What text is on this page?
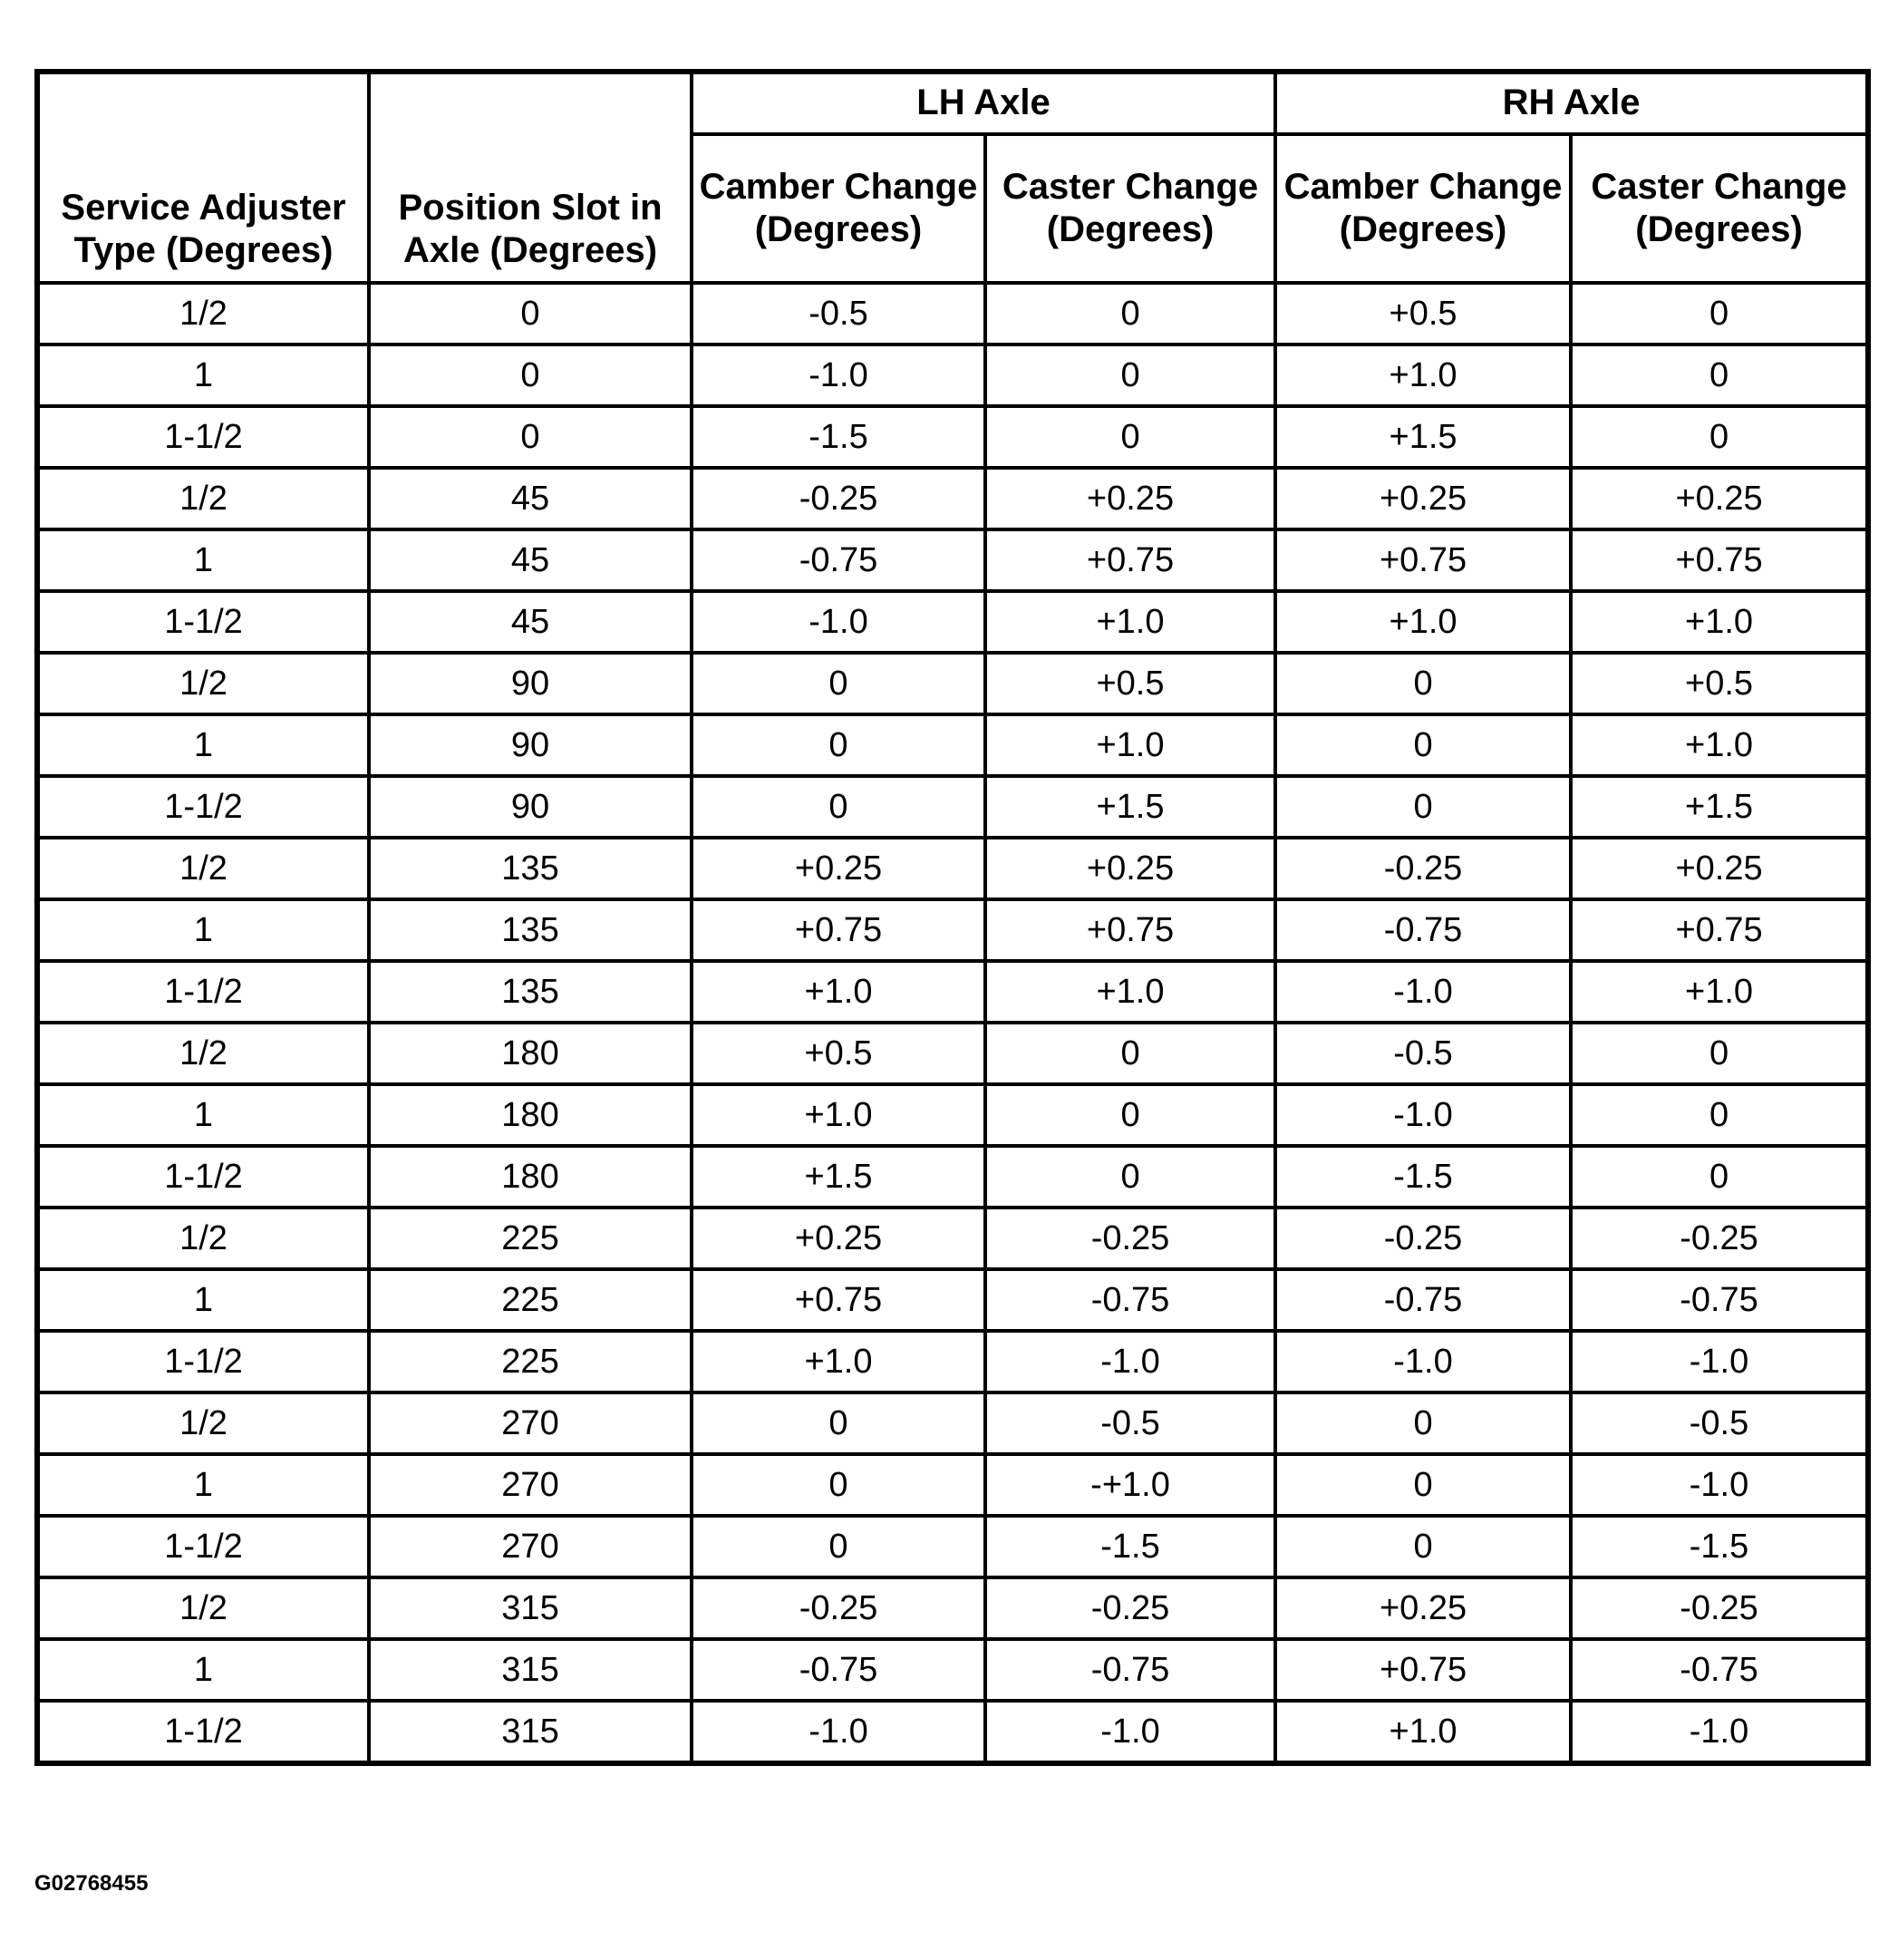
Service Adjuster Type (Degrees)	Position Slot in Axle (Degrees)	LH Axle		RH Axle	
		Camber Change (Degrees)	Caster Change (Degrees)	Camber Change (Degrees)	Caster Change (Degrees)
1/2	0	-0.5	0	+0.5	0
1	0	-1.0	0	+1.0	0
1-1/2	0	-1.5	0	+1.5	0
1/2	45	-0.25	+0.25	+0.25	+0.25
1	45	-0.75	+0.75	+0.75	+0.75
1-1/2	45	-1.0	+1.0	+1.0	+1.0
1/2	90	0	+0.5	0	+0.5
1	90	0	+1.0	0	+1.0
1-1/2	90	0	+1.5	0	+1.5
1/2	135	+0.25	+0.25	-0.25	+0.25
1	135	+0.75	+0.75	-0.75	+0.75
1-1/2	135	+1.0	+1.0	-1.0	+1.0
1/2	180	+0.5	0	-0.5	0
1	180	+1.0	0	-1.0	0
1-1/2	180	+1.5	0	-1.5	0
1/2	225	+0.25	-0.25	-0.25	-0.25
1	225	+0.75	-0.75	-0.75	-0.75
1-1/2	225	+1.0	-1.0	-1.0	-1.0
1/2	270	0	-0.5	0	-0.5
1	270	0	-+1.0	0	-1.0
1-1/2	270	0	-1.5	0	-1.5
1/2	315	-0.25	-0.25	+0.25	-0.25
1	315	-0.75	-0.75	+0.75	-0.75
1-1/2	315	-1.0	-1.0	+1.0	-1.0
G02768455
